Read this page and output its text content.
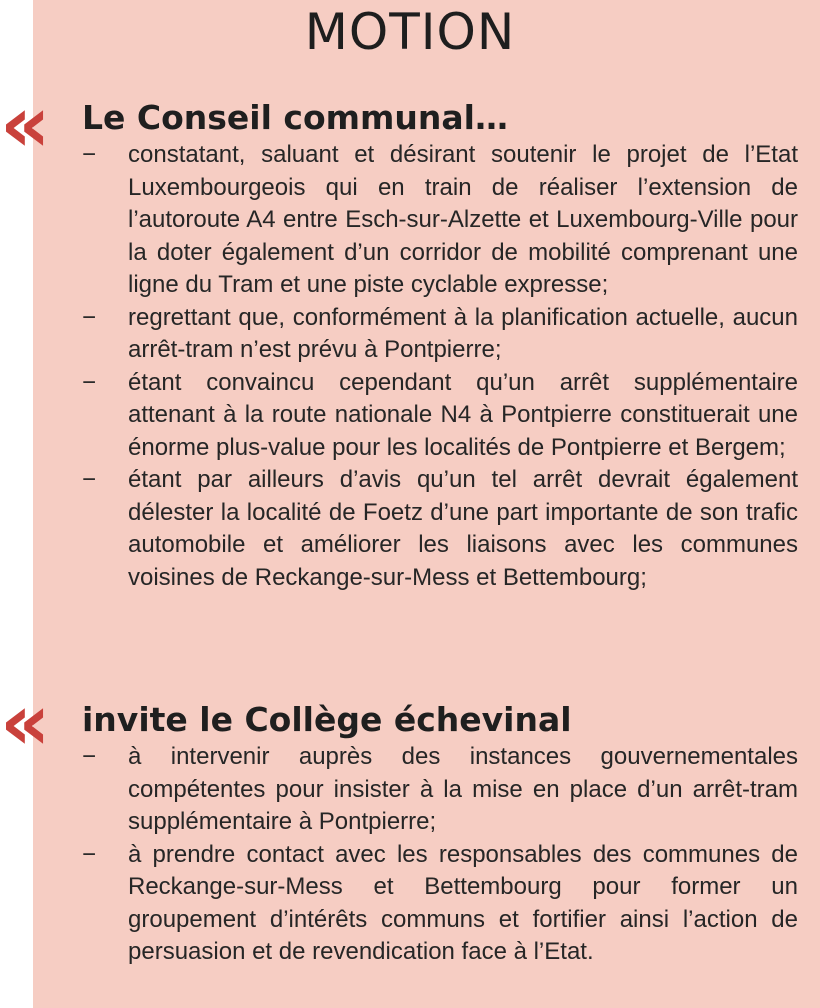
MOTION
« Le Conseil communal…
− constatant, saluant et désirant soutenir le projet de l’Etat Luxembourgeois qui en train de réaliser l’extension de l’autoroute A4 entre Esch-sur-Alzette et Luxembourg-Ville pour la doter également d’un corridor de mobilité comprenant une ligne du Tram et une piste cyclable expresse;
− regrettant que, conformément à la planification actuelle, aucun arrêt-tram n’est prévu à Pontpierre;
− étant convaincu cependant qu’un arrêt supplémentaire attenant à la route nationale N4 à Pontpierre constituerait une énorme plus-value pour les localités de Pontpierre et Bergem;
− étant par ailleurs d’avis qu’un tel arrêt devrait également délester la localité de Foetz d’une part importante de son trafic automobile et améliorer les liaisons avec les communes voisines de Reckange-sur-Mess et Bettembourg;
« invite le Collège échevinal
− à intervenir auprès des instances gouvernementales compétentes pour insister à la mise en place d’un arrêt-tram supplémentaire à Pontpierre;
− à prendre contact avec les responsables des communes de Reckange-sur-Mess et Bettembourg pour former un groupement d’intérêts communs et fortifier ainsi l’action de persuasion et de revendication face à l’Etat.
